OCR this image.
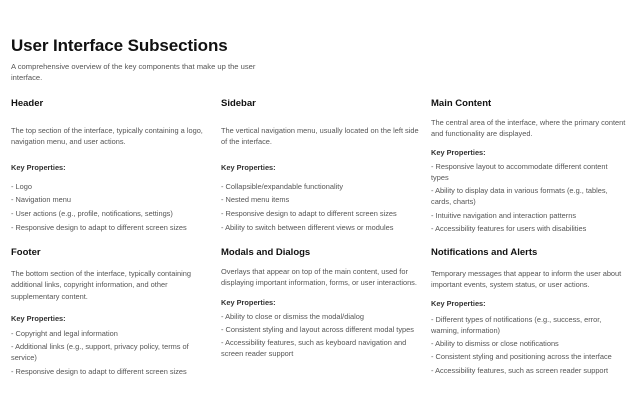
User Interface Subsections

A comprehensive overview of the key components that make up the user interface.

Header

The top section of the interface, typically containing a logo, navigation menu, and user actions.

Key Properties:

- Logo
- Navigation menu
- User actions (e.g., profile, notifications, settings)
- Responsive design to adapt to different screen sizes
Sidebar

The vertical navigation menu, usually located on the left side of the interface.

Key Properties:

- Collapsible/expandable functionality
- Nested menu items
- Responsive design to adapt to different screen sizes
- Ability to switch between different views or modules
Main Content

The central area of the interface, where the primary content and functionality are displayed.

Key Properties:

- Responsive layout to accommodate different content types
- Ability to display data in various formats (e.g., tables, cards, charts)
- Intuitive navigation and interaction patterns
- Accessibility features for users with disabilities
Footer

The bottom section of the interface, typically containing additional links, copyright information, and other supplementary content.

Key Properties:

- Copyright and legal information
- Additional links (e.g., support, privacy policy, terms of service)
- Responsive design to adapt to different screen sizes
Modals and Dialogs

Overlays that appear on top of the main content, used for displaying important information, forms, or user interactions.

Key Properties:

- Ability to close or dismiss the modal/dialog
- Consistent styling and layout across different modal types
- Accessibility features, such as keyboard navigation and screen reader support
Notifications and Alerts

Temporary messages that appear to inform the user about important events, system status, or user actions.

Key Properties:

- Different types of notifications (e.g., success, error, warning, information)
- Ability to dismiss or close notifications
- Consistent styling and positioning across the interface
- Accessibility features, such as screen reader support
